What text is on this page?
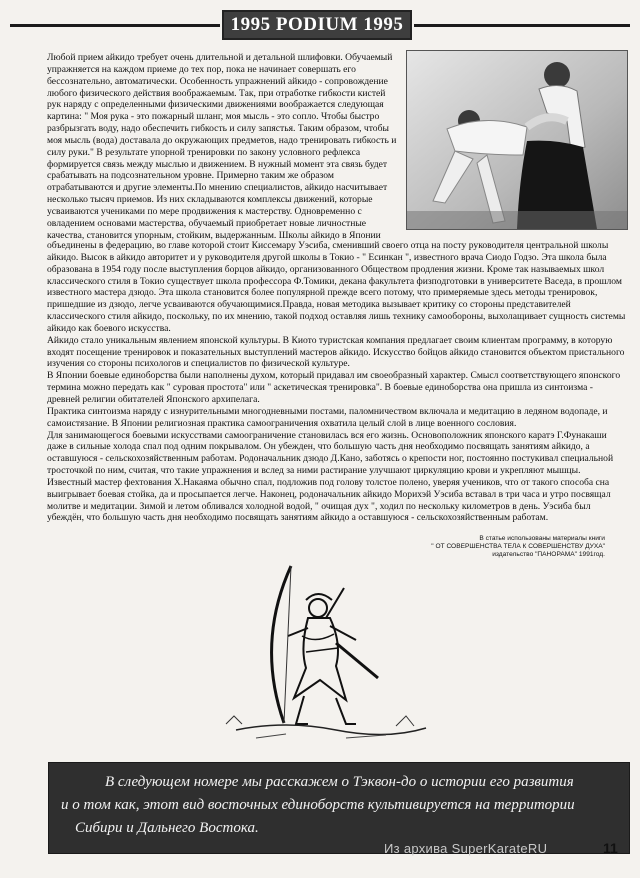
1995 PODIUM 1995

Любой прием айкидо требует очень длительной и детальной шлифовки. Обучаемый упражняется на каждом приеме до тех пор, пока не начинает совершать его бессознательно, автоматически. Особенность упражнений айкидо - сопровождение любого физического действия воображаемым. Так, при отработке гибкости кистей рук наряду с определенными физическими движениями воображается следующая картина: " Моя рука - это пожарный шланг, моя мысль - это сопло. Чтобы быстро разбрызгать воду, надо обеспечить гибкость и силу запястья. Таким образом, чтобы моя мысль (вода) доставала до окружающих предметов, надо тренировать гибкость и силу руки." В результате упорной тренировки по закону условного рефлекса формируется связь между мыслью и движением. В нужный момент эта связь будет срабатывать на подсознательном уровне. Примерно таким же образом отрабатываются и другие элементы.По мнению специалистов, айкидо насчитывает несколько тысяч приемов. Из них складываются комплексы движений, которые усваиваются учениками по мере продвижения к мастерству. Одновременно с овладением основами мастерства, обучаемый приобретает новые личностные качества, становится упорным, стойким, выдержанным. Школы айкидо в Японии

объединены в федерацию, во главе которой стоит Киссемару Уэсиба, сменивший своего отца на посту руководителя центральной школы айкидо. Высок в айкидо авторитет и у руководителя другой школы в Токио - " Есинкан ", известного врача Сиодо Годзо. Эта школа была образована в 1954 году после выступления борцов айкидо, организованного Обществом продления жизни. Кроме так называемых школ классического стиля в Токио существует школа профессора Ф.Томики, декана факультета физподготовки в университете Васеда, в прошлом известного мастера дзюдо. Эта школа становится более популярной прежде всего потому, что примеряемые здесь методы тренировок, пришедшие из дзюдо, легче усваиваются обучающимися.Правда, новая методика вызывает критику со стороны представителей классического стиля айкидо, поскольку, по их мнению, такой подход оставляя лишь технику самообороны, выхолащивает сущность системы айкидо как боевого искусства.

Айкидо стало уникальным явлением японской культуры. В Киото туристская компания предлагает своим клиентам программу, в которую входят посещение тренировок и показательных выступлений мастеров айкидо. Искусство бойцов айкидо становится объектом пристального изучения со стороны психологов и специалистов по физической культуре.

В Японии боевые единоборства были наполнены духом, который придавал им своеобразный характер. Смысл соответствующего японского термина можно передать как " суровая простота" или " аскетическая тренировка". В боевые единоборства она пришла из синтоизма - древней религии обитателей Японского архипелага.

Практика синтоизма наряду с изнурительными многодневными постами, паломничеством включала и медитацию в ледяном водопаде, и самоистязание. В Японии религиозная практика самоограничения охватила целый слой в лице военного сословия.

Для занимающегося боевыми искусствами самоограничение становилась вся его жизнь. Основоположник японского каратэ Г.Фунакаши даже в сильные холода спал под одним покрывалом. Он убежден, что большую часть дня необходимо посвящать занятиям айкидо, а оставшуюся - сельскохозяйственным работам. Родоначальник дзюдо Д.Кано, заботясь о крепости ног, постоянно постукивал специальной тросточкой по ним, считая, что такие упражнения и вслед за ними растирание улучшают циркуляцию крови и укрепляют мышцы. Известный мастер фехтования Х.Накаяма обычно спал, подложив под голову толстое полено, уверяя учеников, что от такого способа сна выигрывает боевая стойка, да и просыпается легче. Наконец, родоначальник айкидо Морихэй Уэсиба вставал в три часа и утро посвящал молитве и медитации. Зимой и летом обливался холодной водой, " очищая дух ", ходил по нескольку километров в день. Уэсиба был убеждён, что большую часть дня необходимо посвящать занятиям айкидо а оставшуюся - сельскохозяйственным работам.

В статье использованы материалы книги

" ОТ СОВЕРШЕНСТВА ТЕЛА К СОВЕРШЕНСТВУ ДУХА"

издательство "ПАНОРАМА" 1991год.

В следующем номере мы расскажем о Тэквон-до о истории его развития
и о том как, этот вид восточных единоборств культивируется на территории
Сибири и Дальнего Востока.
Из архива SuperKarateRU	11
